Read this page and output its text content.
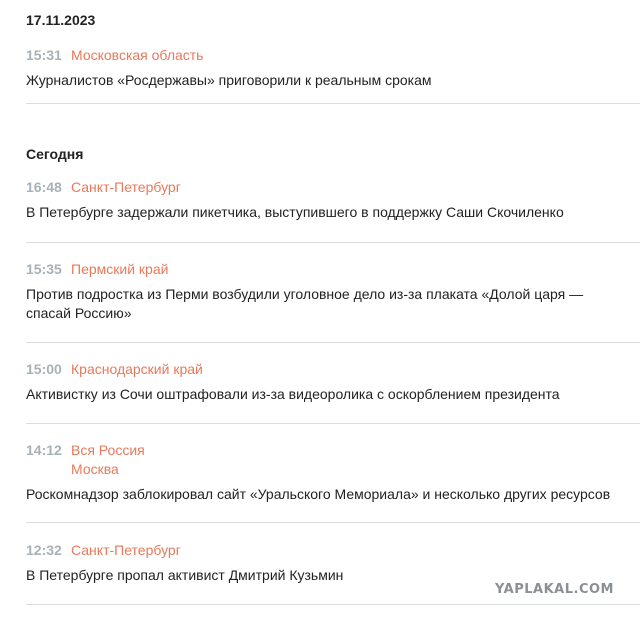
17.11.2023
15:31 Московская область
Журналистов «Росдержавы» приговорили к реальным срокам
Сегодня
16:48 Санкт-Петербург
В Петербурге задержали пикетчика, выступившего в поддержку Саши Скочиленко
15:35 Пермский край
Против подростка из Перми возбудили уголовное дело из-за плаката «Долой царя — спасай Россию»
15:00 Краснодарский край
Активистку из Сочи оштрафовали из-за видеоролика с оскорблением президента
14:12 Вся Россия
Москва
Роскомнадзор заблокировал сайт «Уральского Мемориала» и несколько других ресурсов
12:32 Санкт-Петербург
В Петербурге пропал активист Дмитрий Кузьмин
YAPLAKAL.COM
